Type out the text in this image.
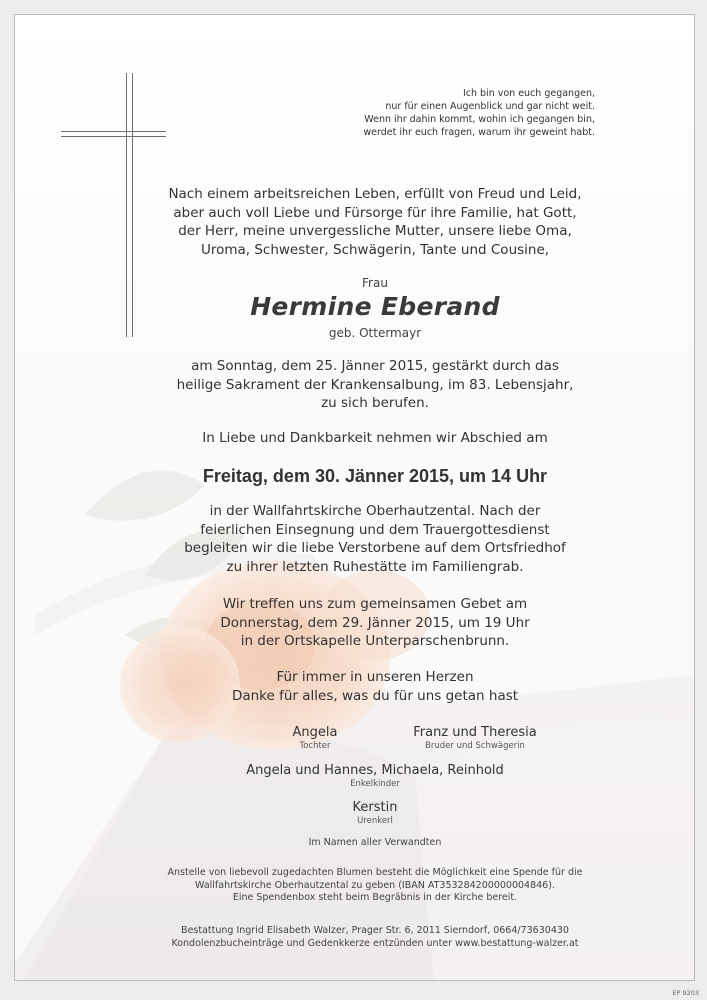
Ich bin von euch gegangen,
nur für einen Augenblick und gar nicht weit.
Wenn ihr dahin kommt, wohin ich gegangen bin,
werdet ihr euch fragen, warum ihr geweint habt.
Nach einem arbeitsreichen Leben, erfüllt von Freud und Leid,
aber auch voll Liebe und Fürsorge für ihre Familie, hat Gott,
der Herr, meine unvergessliche Mutter, unsere liebe Oma,
Uroma, Schwester, Schwägerin, Tante und Cousine,
Frau
Hermine Eberand
geb. Ottermayr
am Sonntag, dem 25. Jänner 2015, gestärkt durch das
heilige Sakrament der Krankensalbung, im 83. Lebensjahr,
zu sich berufen.
In Liebe und Dankbarkeit nehmen wir Abschied am
Freitag, dem 30. Jänner 2015, um 14 Uhr
in der Wallfahrtskirche Oberhautzental. Nach der
feierlichen Einsegnung und dem Trauergottesdienst
begleiten wir die liebe Verstorbene auf dem Ortsfriedhof
zu ihrer letzten Ruhestätte im Familiengrab.
Wir treffen uns zum gemeinsamen Gebet am
Donnerstag, dem 29. Jänner 2015, um 19 Uhr
in der Ortskapelle Unterparschenbrunn.
Für immer in unseren Herzen
Danke für alles, was du für uns getan hast
Angela
Tochter
Franz und Theresia
Bruder und Schwägerin
Angela und Hannes, Michaela, Reinhold
Enkelkinder
Kerstin
Urenkerl
Im Namen aller Verwandten
Anstelle von liebevoll zugedachten Blumen besteht die Möglichkeit eine Spende für die
Wallfahrtskirche Oberhautzental zu geben (IBAN AT353284200000004846).
Eine Spendenbox steht beim Begräbnis in der Kirche bereit.
Bestattung Ingrid Elisabeth Walzer, Prager Str. 6, 2011 Sierndorf, 0664/73630430
Kondolenzbucheinträge und Gedenkkerze entzünden unter www.bestattung-walzer.at
EP 9203
